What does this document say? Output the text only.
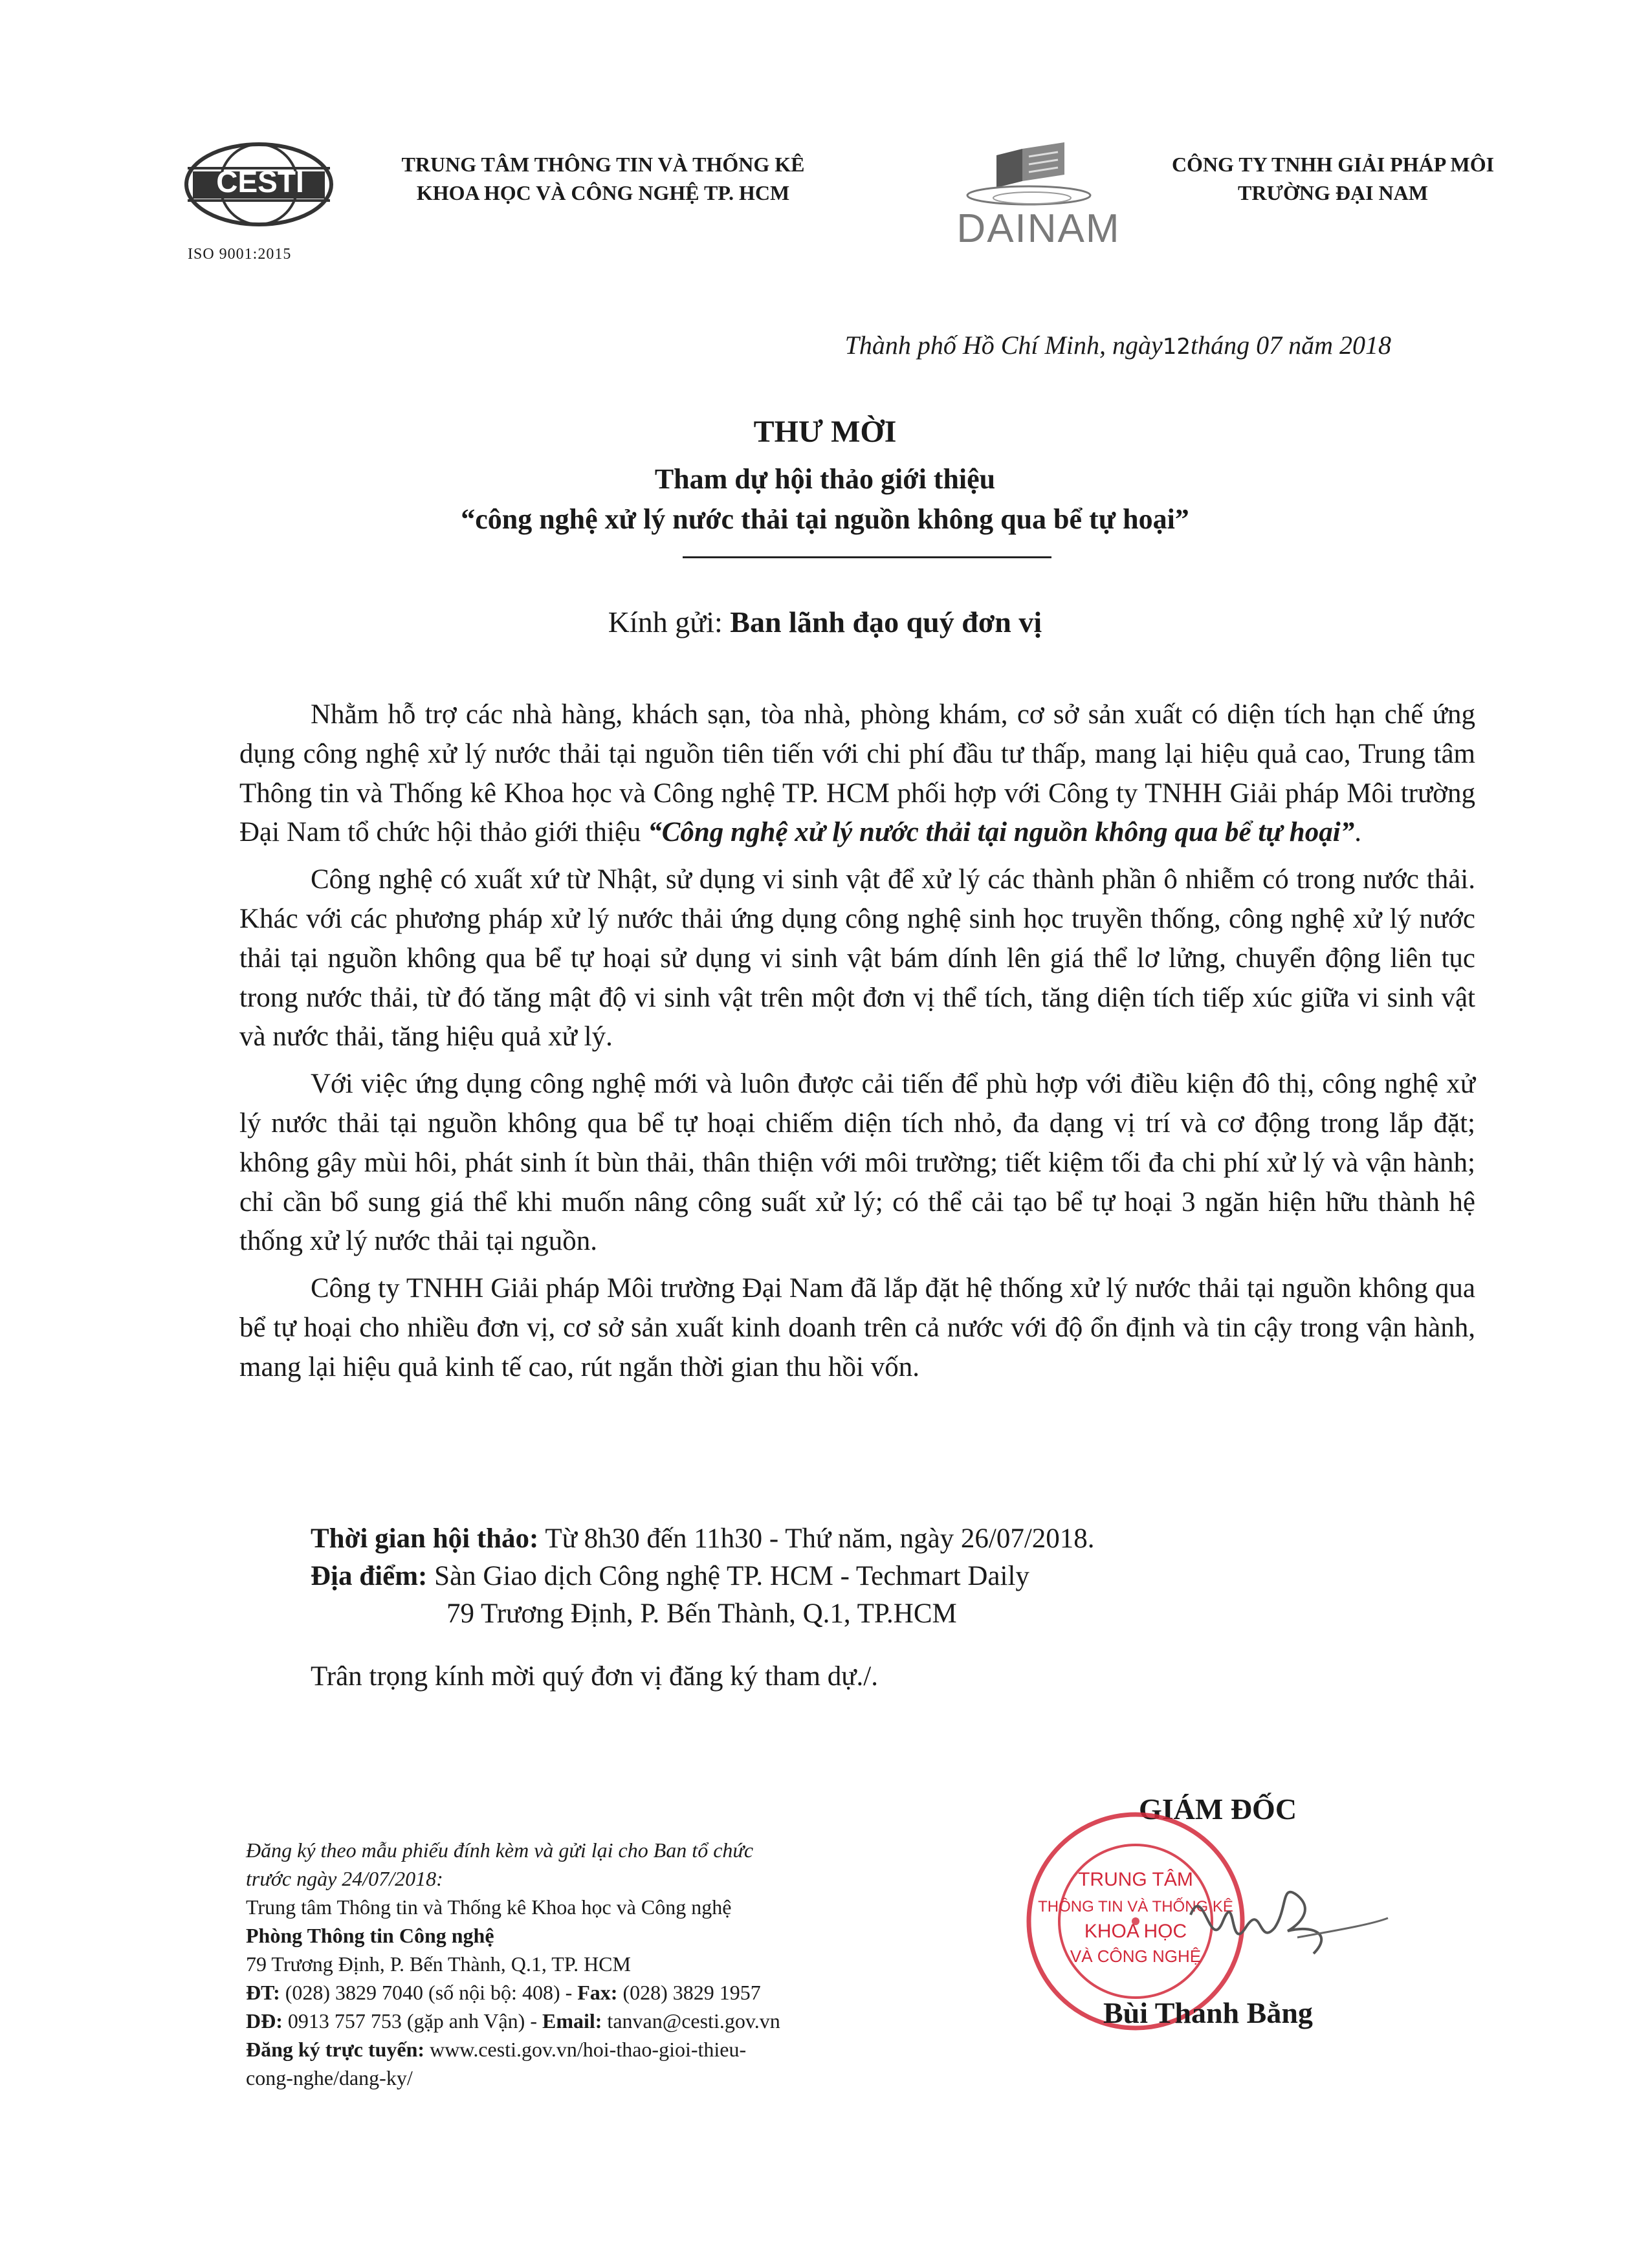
CESTI
TRUNG TÂM THÔNG TIN VÀ THỐNG KÊ
KHOA HỌC VÀ CÔNG NGHỆ TP. HCM
ISO 9001:2015
DAINAM
CÔNG TY TNHH GIẢI PHÁP MÔI
TRƯỜNG ĐẠI NAM
Thành phố Hồ Chí Minh, ngày12tháng 07 năm 2018
THƯ MỜI
Tham dự hội thảo giới thiệu
“công nghệ xử lý nước thải tại nguồn không qua bể tự hoại”
Kính gửi: Ban lãnh đạo quý đơn vị

Nhằm hỗ trợ các nhà hàng, khách sạn, tòa nhà, phòng khám, cơ sở sản xuất có diện tích hạn chế ứng dụng công nghệ xử lý nước thải tại nguồn tiên tiến với chi phí đầu tư thấp, mang lại hiệu quả cao, Trung tâm Thông tin và Thống kê Khoa học và Công nghệ TP. HCM phối hợp với Công ty TNHH Giải pháp Môi trường Đại Nam tổ chức hội thảo giới thiệu “Công nghệ xử lý nước thải tại nguồn không qua bể tự hoại”.

Công nghệ có xuất xứ từ Nhật, sử dụng vi sinh vật để xử lý các thành phần ô nhiễm có trong nước thải. Khác với các phương pháp xử lý nước thải ứng dụng công nghệ sinh học truyền thống, công nghệ xử lý nước thải tại nguồn không qua bể tự hoại sử dụng vi sinh vật bám dính lên giá thể lơ lửng, chuyển động liên tục trong nước thải, từ đó tăng mật độ vi sinh vật trên một đơn vị thể tích, tăng diện tích tiếp xúc giữa vi sinh vật và nước thải, tăng hiệu quả xử lý.

Với việc ứng dụng công nghệ mới và luôn được cải tiến để phù hợp với điều kiện đô thị, công nghệ xử lý nước thải tại nguồn không qua bể tự hoại chiếm diện tích nhỏ, đa dạng vị trí và cơ động trong lắp đặt; không gây mùi hôi, phát sinh ít bùn thải, thân thiện với môi trường; tiết kiệm tối đa chi phí xử lý và vận hành; chỉ cần bổ sung giá thể khi muốn nâng công suất xử lý; có thể cải tạo bể tự hoại 3 ngăn hiện hữu thành hệ thống xử lý nước thải tại nguồn.

Công ty TNHH Giải pháp Môi trường Đại Nam đã lắp đặt hệ thống xử lý nước thải tại nguồn không qua bể tự hoại cho nhiều đơn vị, cơ sở sản xuất kinh doanh trên cả nước với độ ổn định và tin cậy trong vận hành, mang lại hiệu quả kinh tế cao, rút ngắn thời gian thu hồi vốn.

Thời gian hội thảo: Từ 8h30 đến 11h30 - Thứ năm, ngày 26/07/2018.
Địa điểm: Sàn Giao dịch Công nghệ TP. HCM - Techmart Daily
79 Trương Định, P. Bến Thành, Q.1, TP.HCM
Trân trọng kính mời quý đơn vị đăng ký tham dự./.
GIÁM ĐỐC
TRUNG TÂM
THÔNG TIN VÀ THỐNG KÊ
KHOA HỌC
VÀ CÔNG NGHỆ
Bùi Thanh Bằng
Đăng ký theo mẫu phiếu đính kèm và gửi lại cho Ban tổ chức
trước ngày 24/07/2018:
Trung tâm Thông tin và Thống kê Khoa học và Công nghệ
Phòng Thông tin Công nghệ
79 Trương Định, P. Bến Thành, Q.1, TP. HCM
ĐT: (028) 3829 7040 (số nội bộ: 408) - Fax: (028) 3829 1957
DĐ: 0913 757 753 (gặp anh Vận) - Email: tanvan@cesti.gov.vn
Đăng ký trực tuyến: www.cesti.gov.vn/hoi-thao-gioi-thieu-
cong-nghe/dang-ky/
